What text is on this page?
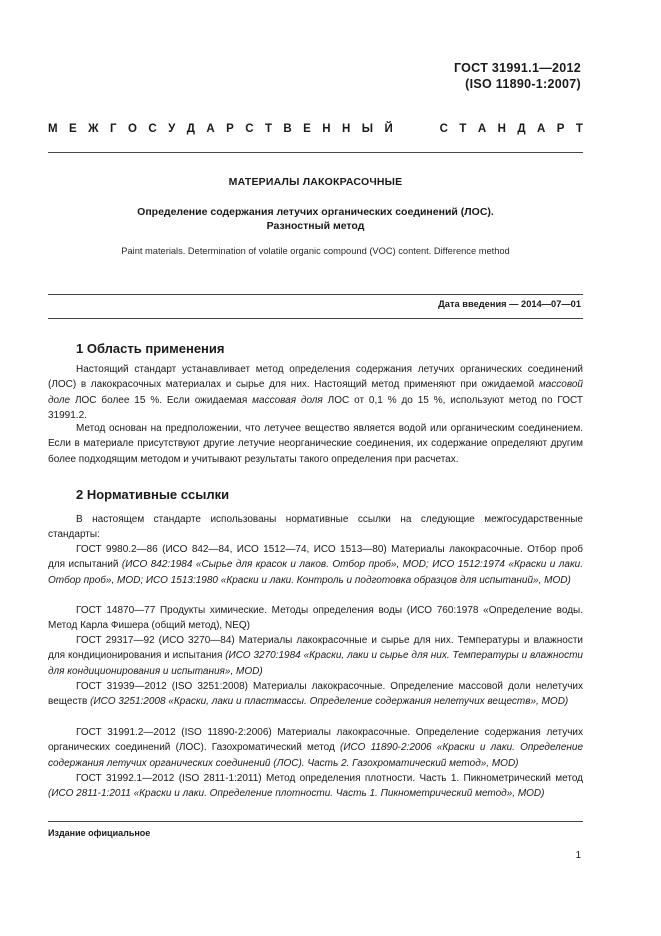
ГОСТ 31991.1—2012
(ISO 11890-1:2007)
М Е Ж Г О С У Д А Р С Т В Е Н Н Ы Й	С Т А Н Д А Р Т
МАТЕРИАЛЫ ЛАКОКРАСОЧНЫЕ
Определение содержания летучих органических соединений (ЛОС).
Разностный метод
Paint materials. Determination of volatile organic compound (VOC) content. Difference method
Дата введения — 2014—07—01
1 Область применения
Настоящий стандарт устанавливает метод определения содержания летучих органических соединений (ЛОС) в лакокрасочных материалах и сырье для них. Настоящий метод применяют при ожидаемой массовой доле ЛОС более 15 %. Если ожидаемая массовая доля ЛОС от 0,1 % до 15 %, используют метод по ГОСТ 31991.2.
Метод основан на предположении, что летучее вещество является водой или органическим соединением. Если в материале присутствуют другие летучие неорганические соединения, их содержание определяют другим более подходящим методом и учитывают результаты такого определения при расчетах.
2 Нормативные ссылки
В настоящем стандарте использованы нормативные ссылки на следующие межгосударственные стандарты:
ГОСТ 9980.2—86 (ИСО 842—84, ИСО 1512—74, ИСО 1513—80) Материалы лакокрасочные. Отбор проб для испытаний (ИСО 842:1984 «Сырье для красок и лаков. Отбор проб», MOD; ИСО 1512:1974 «Краски и лаки. Отбор проб», MOD; ИСО 1513:1980 «Краски и лаки. Контроль и подготовка образцов для испытаний», MOD)
ГОСТ 14870—77 Продукты химические. Методы определения воды (ИСО 760:1978 «Определение воды. Метод Карла Фишера (общий метод), NEQ)
ГОСТ 29317—92 (ИСО 3270—84) Материалы лакокрасочные и сырье для них. Температуры и влажности для кондиционирования и испытания (ИСО 3270:1984 «Краски, лаки и сырье для них. Температуры и влажности для кондиционирования и испытания», MOD)
ГОСТ 31939—2012 (ISO 3251:2008) Материалы лакокрасочные. Определение массовой доли нелетучих веществ (ИСО 3251:2008 «Краски, лаки и пластмассы. Определение содержания нелетучих веществ», MOD)
ГОСТ 31991.2—2012 (ISO 11890-2:2006) Материалы лакокрасочные. Определение содержания летучих органических соединений (ЛОС). Газохроматический метод (ИСО 11890-2:2006 «Краски и лаки. Определение содержания летучих органических соединений (ЛОС). Часть 2. Газохроматический метод», MOD)
ГОСТ 31992.1—2012 (ISO 2811-1:2011) Метод определения плотности. Часть 1. Пикнометрический метод (ИСО 2811-1:2011 «Краски и лаки. Определение плотности. Часть 1. Пикнометрический метод», MOD)
Издание официальное
1
